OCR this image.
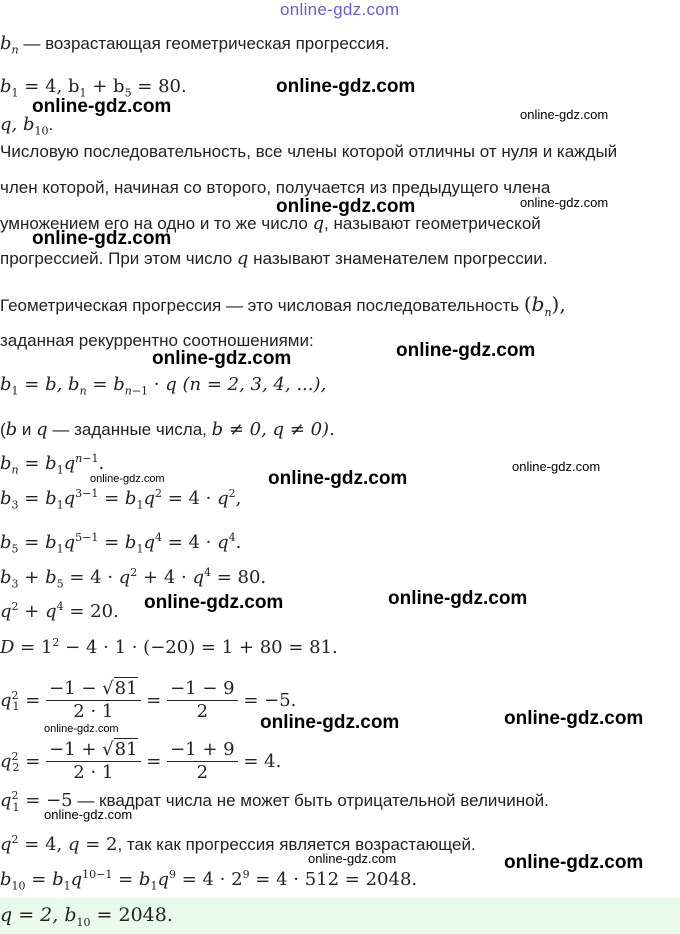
online-gdz.com
$b_n$ — возрастающая геометрическая прогрессия.
$b_1 = 4$, $b_1 + b_5 = 80$.
q, $b_{10}$.
Числовую последовательность, все члены которой отличны от нуля и каждый
член которой, начиная со второго, получается из предыдущего члена
умножением его на одно и то же число q, называют геометрической
прогрессией. При этом число q называют знаменателем прогрессии.
Геометрическая прогрессия — это числовая последовательность $(b_n)$,
заданная рекуррентно соотношениями:
$b_1 = b$, $b_n = b_{n-1} \cdot q$ (n = 2, 3, 4, ...),
(b и q — заданные числа, b ≠ 0, q ≠ 0).
$b_n = b_1q^{n-1}$.
$b_3 = b_1q^{3-1} = b_1q^2 = 4 \cdot q^2$,
$b_5 = b_1q^{5-1} = b_1q^4 = 4 \cdot q^4$.
$b_3 + b_5 = 4 \cdot q^2 + 4 \cdot q^4 = 80$.
$q^2 + q^4 = 20$.
$D = 1^2 - 4 \cdot 1 \cdot (-20) = 1 + 80 = 81$.
$q^2_1 = \frac{-1 - √81}{2 \cdot 1} = \frac{-1 - 9}{2} = -5$.
$q^2_2 = \frac{-1 + √81}{2 \cdot 1} = \frac{-1 + 9}{2} = 4$.
$q^2_1 = -5$ — квадрат числа не может быть отрицательной величиной.
$q^2 = 4$, q = 2, так как прогрессия является возрастающей.
$b_{10} = b_1q^{10-1} = b_1q^9 = 4 \cdot 2^9 = 4 \cdot 512 = 2048$.
q = 2, $b_{10} = 2048$.
online-gdz.com
online-gdz.com	online-gdz.com
online-gdz.com	online-gdz.com
online-gdz.com
online-gdz.com	online-gdz.com
online-gdz.com	online-gdz.com
online-gdz.com
online-gdz.com	online-gdz.com
online-gdz.com	online-gdz.com
online-gdz.com
online-gdz.com
online-gdz.com	online-gdz.com
